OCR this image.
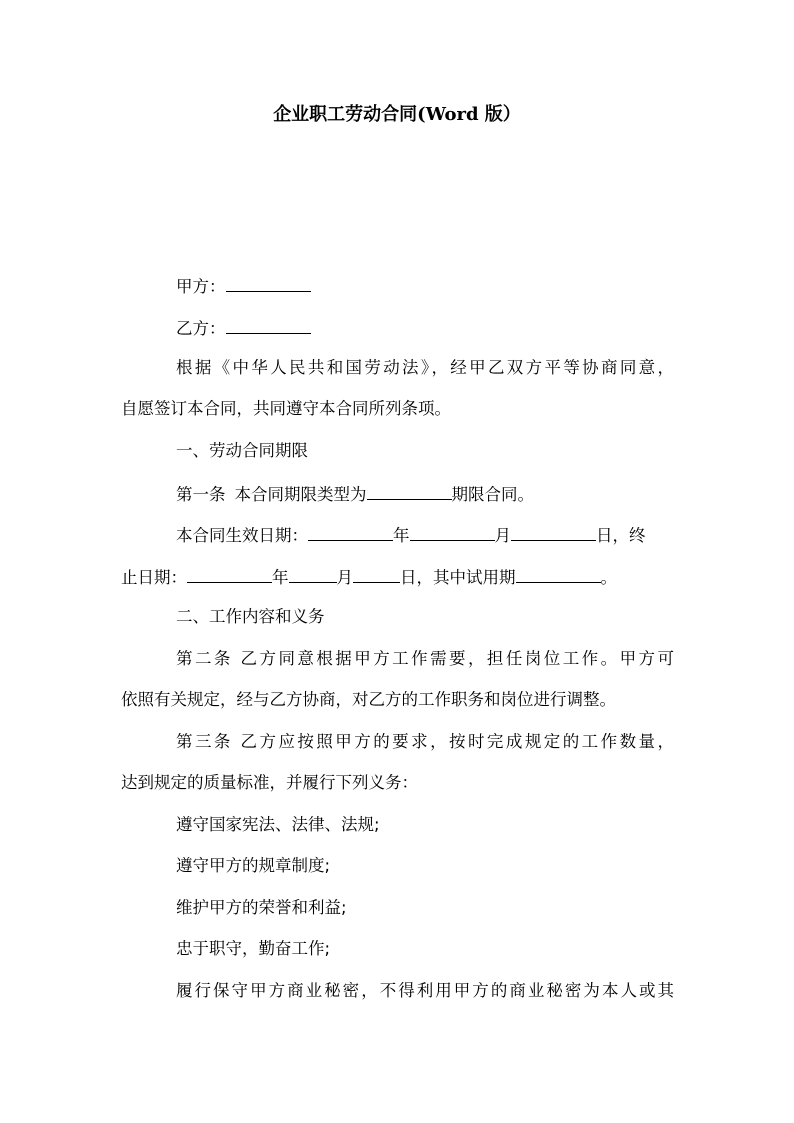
企业职工劳动合同(Word 版）
甲方：
乙方：
根据《中华人民共和国劳动法》，经甲乙双方平等协商同意，
自愿签订本合同，共同遵守本合同所列条项。
一、劳动合同期限
第一条 本合同期限类型为	期限合同。
本合同生效日期：	年	月	日，终
止日期：	年	月	日，其中试用期	。
二、工作内容和义务
第二条 乙方同意根据甲方工作需要，担任岗位工作。甲方可
依照有关规定，经与乙方协商，对乙方的工作职务和岗位进行调整。
第三条 乙方应按照甲方的要求，按时完成规定的工作数量，
达到规定的质量标准，并履行下列义务：
遵守国家宪法、法律、法规;
遵守甲方的规章制度;
维护甲方的荣誉和利益;
忠于职守，勤奋工作;
履行保守甲方商业秘密，不得利用甲方的商业秘密为本人或其
